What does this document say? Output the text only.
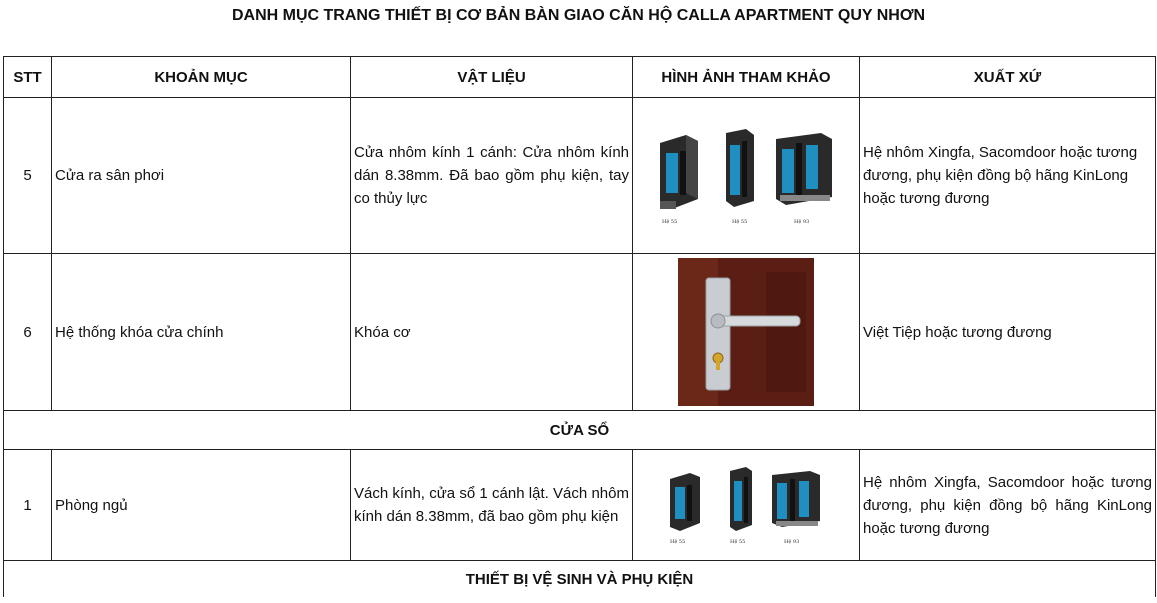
DANH MỤC TRANG THIẾT BỊ CƠ BẢN BÀN GIAO CĂN HỘ CALLA APARTMENT QUY NHƠN
STT	KHOẢN MỤC	VẬT LIỆU	HÌNH ẢNH THAM KHẢO	XUẤT XỨ
5	Cửa ra sân phơi	Cửa nhôm kính 1 cánh: Cửa nhôm kính dán 8.38mm. Đã bao gồm phụ kiện, tay co thủy lực	Hệ 55 Hệ 55 Hệ 93	Hệ nhôm Xingfa, Sacomdoor hoặc tương đương, phụ kiện đồng bộ hãng KinLong hoặc tương đương
6	Hệ thống khóa cửa chính	Khóa cơ		Việt Tiệp hoặc tương đương
CỬA SỔ				
1	Phòng ngủ	Vách kính, cửa sổ 1 cánh lật. Vách nhôm kính dán 8.38mm, đã bao gồm phụ kiện	Hệ 55 Hệ 55 Hệ 93	Hệ nhôm Xingfa, Sacomdoor hoặc tương đương, phụ kiện đồng bộ hãng KinLong hoặc tương đương
THIẾT BỊ VỆ SINH VÀ PHỤ KIỆN				
